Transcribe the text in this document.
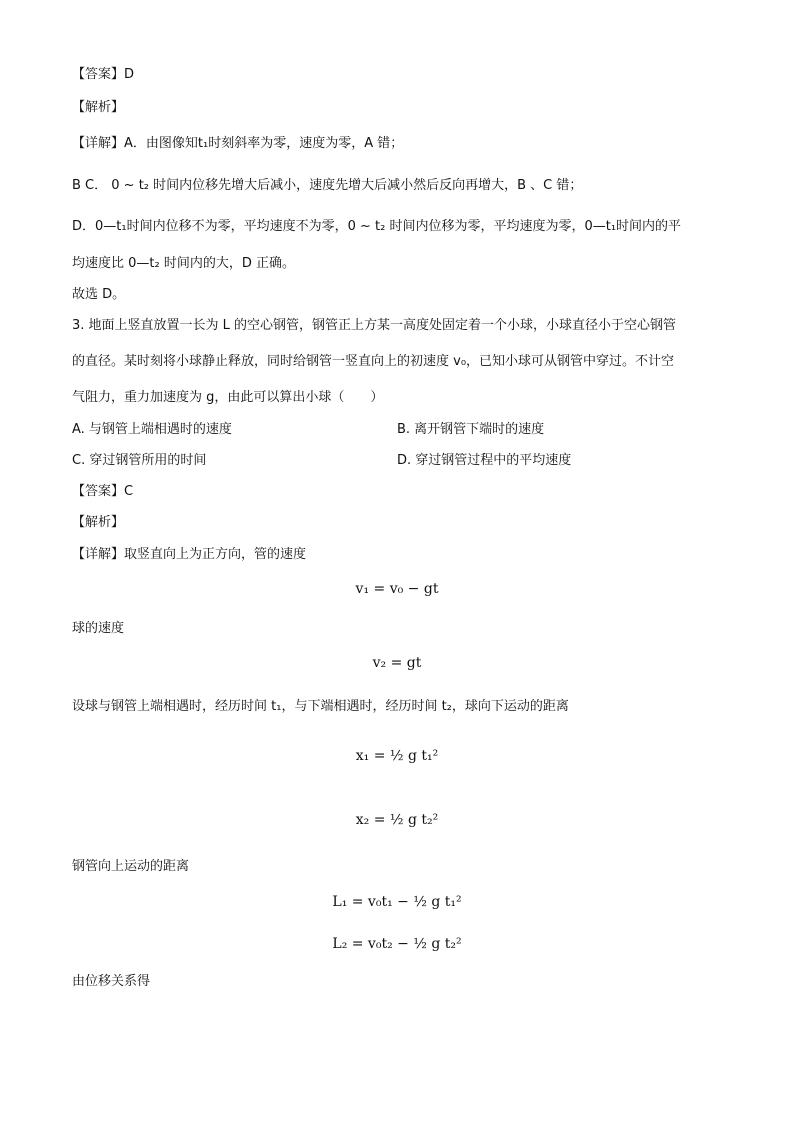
【答案】D
【解析】
【详解】A．由图像知t₁时刻斜率为零，速度为零，A 错；
B C． 0 ~ t₂ 时间内位移先增大后减小，速度先增大后减小然后反向再增大，B 、C 错；
D．0—t₁时间内位移不为零，平均速度不为零，0 ~ t₂ 时间内位移为零，平均速度为零，0—t₁时间内的平
均速度比 0—t₂ 时间内的大，D 正确。
故选 D。
3. 地面上竖直放置一长为 L 的空心钢管，钢管正上方某一高度处固定着一个小球，小球直径小于空心钢管
的直径。某时刻将小球静止释放，同时给钢管一竖直向上的初速度 v₀，已知小球可从钢管中穿过。不计空
气阻力，重力加速度为 g，由此可以算出小球（　　）
A. 与钢管上端相遇时的速度	B. 离开钢管下端时的速度
C. 穿过钢管所用的时间	D. 穿过钢管过程中的平均速度
【答案】C
【解析】
【详解】取竖直向上为正方向，管的速度
v₁ = v₀ − gt
球的速度
v₂ = gt
设球与钢管上端相遇时，经历时间 t₁，与下端相遇时，经历时间 t₂，球向下运动的距离
x₁ = ½ g t₁²
x₂ = ½ g t₂²
钢管向上运动的距离
L₁ = v₀t₁ − ½ g t₁²
L₂ = v₀t₂ − ½ g t₂²
由位移关系得
